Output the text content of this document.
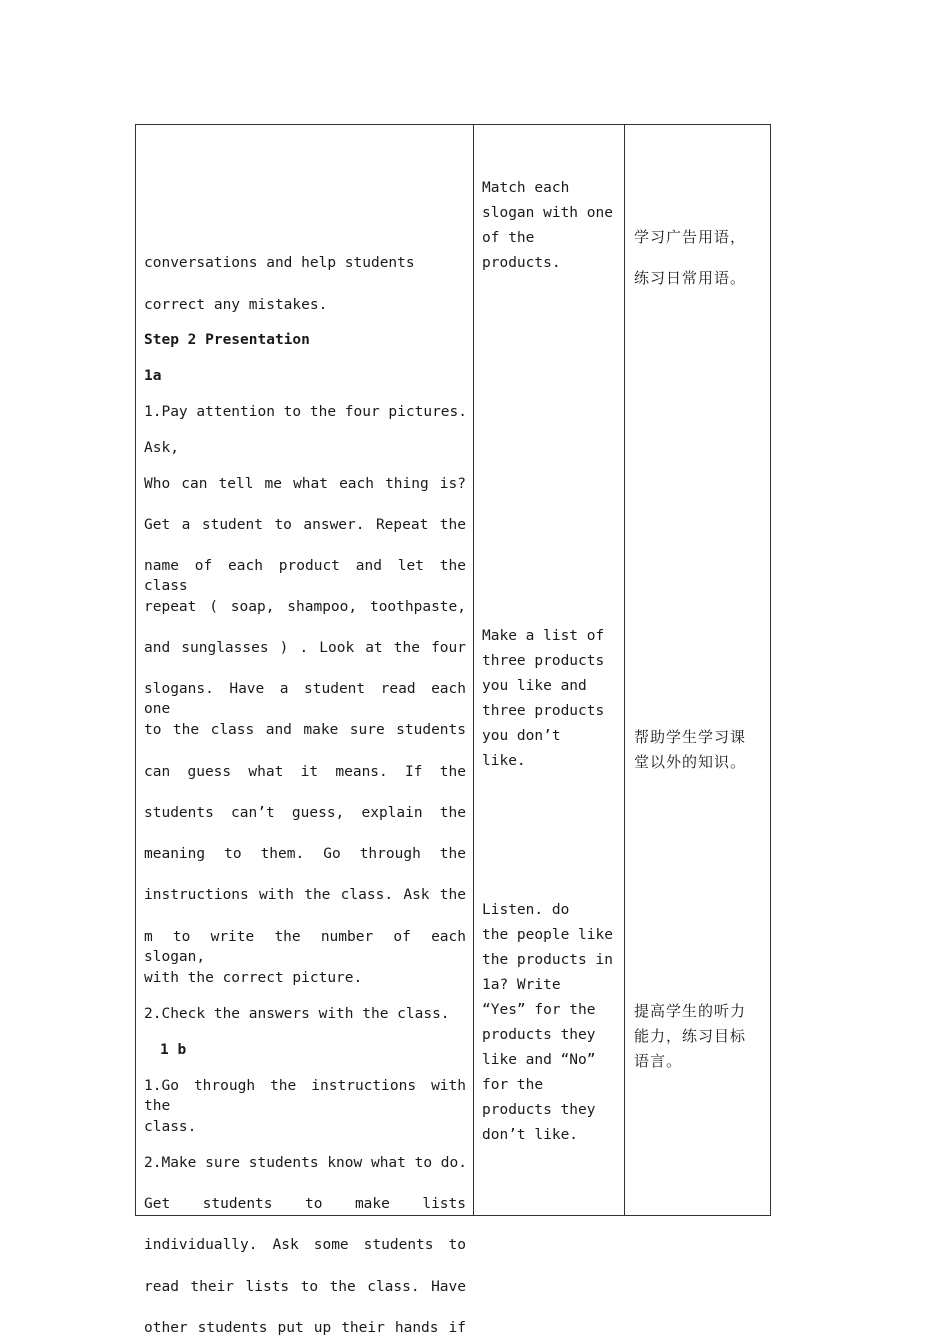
conversations and help students
correct any mistakes.
Step 2 Presentation
1a
1.Pay attention to the four pictures.
Ask,
Who can tell me what each thing is?
Get a student to answer. Repeat the
name of each product and let the class
repeat ( soap, shampoo, toothpaste,
and sunglasses ) . Look at the four
slogans. Have a student read each one
to the class and make sure students
can guess what it means. If the
students can’t guess, explain the
meaning to them. Go through the
instructions with the class. Ask the
m to write the number of each slogan,
with the correct picture.
2.Check the answers with the class.
1 b
1.Go through the instructions with the
class.
2.Make sure students know what to do.
Get students to make lists
individually. Ask some students to
read their lists to the class. Have
other students put up their hands if
Match each
slogan with one
of the
products.
Make a list of
three products
you like and
three products
you don’t
like.
Listen. do
the people like
the products in
1a? Write
“Yes” for the
products they
like and “No”
for the
products they
don’t like.
学习广告用语，
练习日常用语。
帮助学生学习课
堂以外的知识。
提高学生的听力
能力，练习目标
语言。
